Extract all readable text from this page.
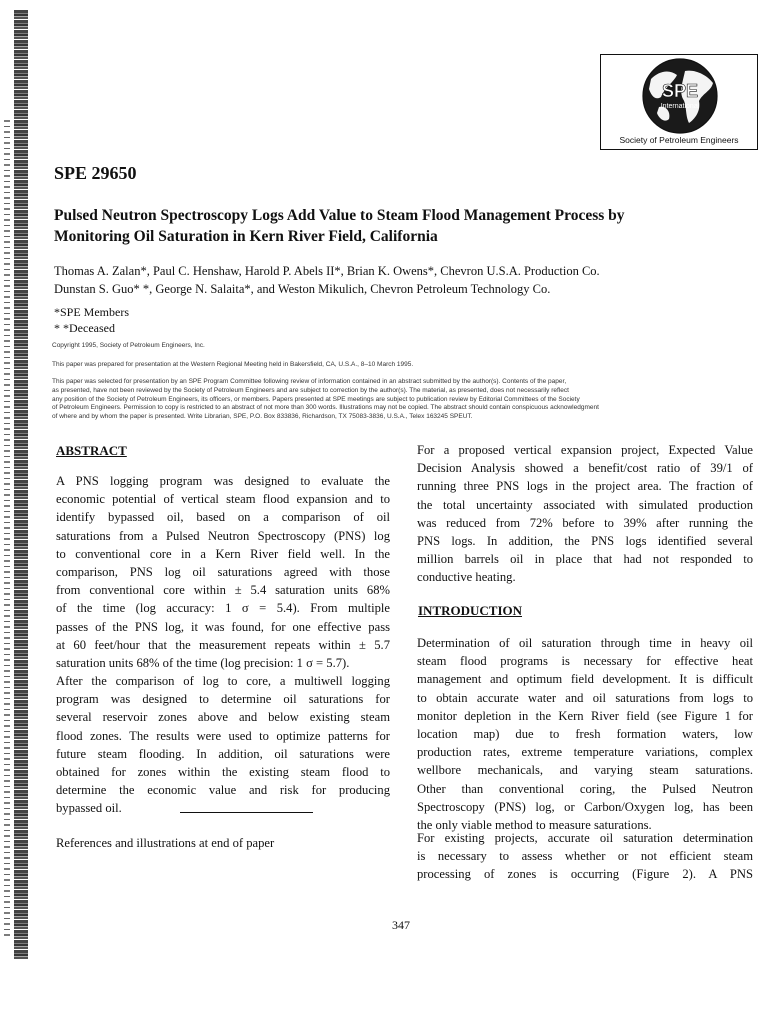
SPE
International
Society of Petroleum Engineers
SPE 29650
Pulsed Neutron Spectroscopy Logs Add Value to Steam Flood Management Process by
Monitoring Oil Saturation in Kern River Field, California
Thomas A. Zalan*, Paul C. Henshaw, Harold P. Abels II*, Brian K. Owens*, Chevron U.S.A. Production Co.
Dunstan S. Guo* *, George N. Salaita*, and Weston Mikulich, Chevron Petroleum Technology Co.
*SPE Members
* *Deceased
Copyright 1995, Society of Petroleum Engineers, Inc.
This paper was prepared for presentation at the Western Regional Meeting held in Bakersfield, CA, U.S.A., 8–10 March 1995.
This paper was selected for presentation by an SPE Program Committee following review of information contained in an abstract submitted by the author(s). Contents of the paper,
as presented, have not been reviewed by the Society of Petroleum Engineers and are subject to correction by the author(s). The material, as presented, does not necessarily reflect
any position of the Society of Petroleum Engineers, its officers, or members. Papers presented at SPE meetings are subject to publication review by Editorial Committees of the Society
of Petroleum Engineers. Permission to copy is restricted to an abstract of not more than 300 words. Illustrations may not be copied. The abstract should contain conspicuous acknowledgment
of where and by whom the paper is presented. Write Librarian, SPE, P.O. Box 833836, Richardson, TX 75083-3836, U.S.A., Telex 163245 SPEUT.
ABSTRACT
A PNS logging program was designed to evaluate the
economic potential of vertical steam flood expansion and to
identify bypassed oil, based on a comparison of oil
saturations from a Pulsed Neutron Spectroscopy (PNS) log
to conventional core in a Kern River field well. In the
comparison, PNS log oil saturations agreed with those
from conventional core within ± 5.4 saturation units 68%
of the time (log accuracy: 1 σ = 5.4). From multiple
passes of the PNS log, it was found, for one effective pass
at 60 feet/hour that the measurement repeats within ± 5.7
saturation units 68% of the time (log precision: 1 σ = 5.7).
After the comparison of log to core, a multiwell logging
program was designed to determine oil saturations for
several reservoir zones above and below existing steam
flood zones. The results were used to optimize patterns for
future steam flooding. In addition, oil saturations were
obtained for zones within the existing steam flood to
determine the economic value and risk for producing
bypassed oil.
References and illustrations at end of paper
For a proposed vertical expansion project, Expected Value
Decision Analysis showed a benefit/cost ratio of 39/1 of
running three PNS logs in the project area. The fraction of
the total uncertainty associated with simulated production
was reduced from 72% before to 39% after running the
PNS logs. In addition, the PNS logs identified several
million barrels oil in place that had not responded to
conductive heating.
INTRODUCTION
Determination of oil saturation through time in heavy oil
steam flood programs is necessary for effective heat
management and optimum field development. It is difficult
to obtain accurate water and oil saturations from logs to
monitor depletion in the Kern River field (see Figure 1 for
location map) due to fresh formation waters, low
production rates, extreme temperature variations, complex
wellbore mechanicals, and varying steam saturations.
Other than conventional coring, the Pulsed Neutron
Spectroscopy (PNS) log, or Carbon/Oxygen log, has been
the only viable method to measure saturations.
For existing projects, accurate oil saturation determination
is necessary to assess whether or not efficient steam
processing of zones is occurring (Figure 2). A PNS
347
